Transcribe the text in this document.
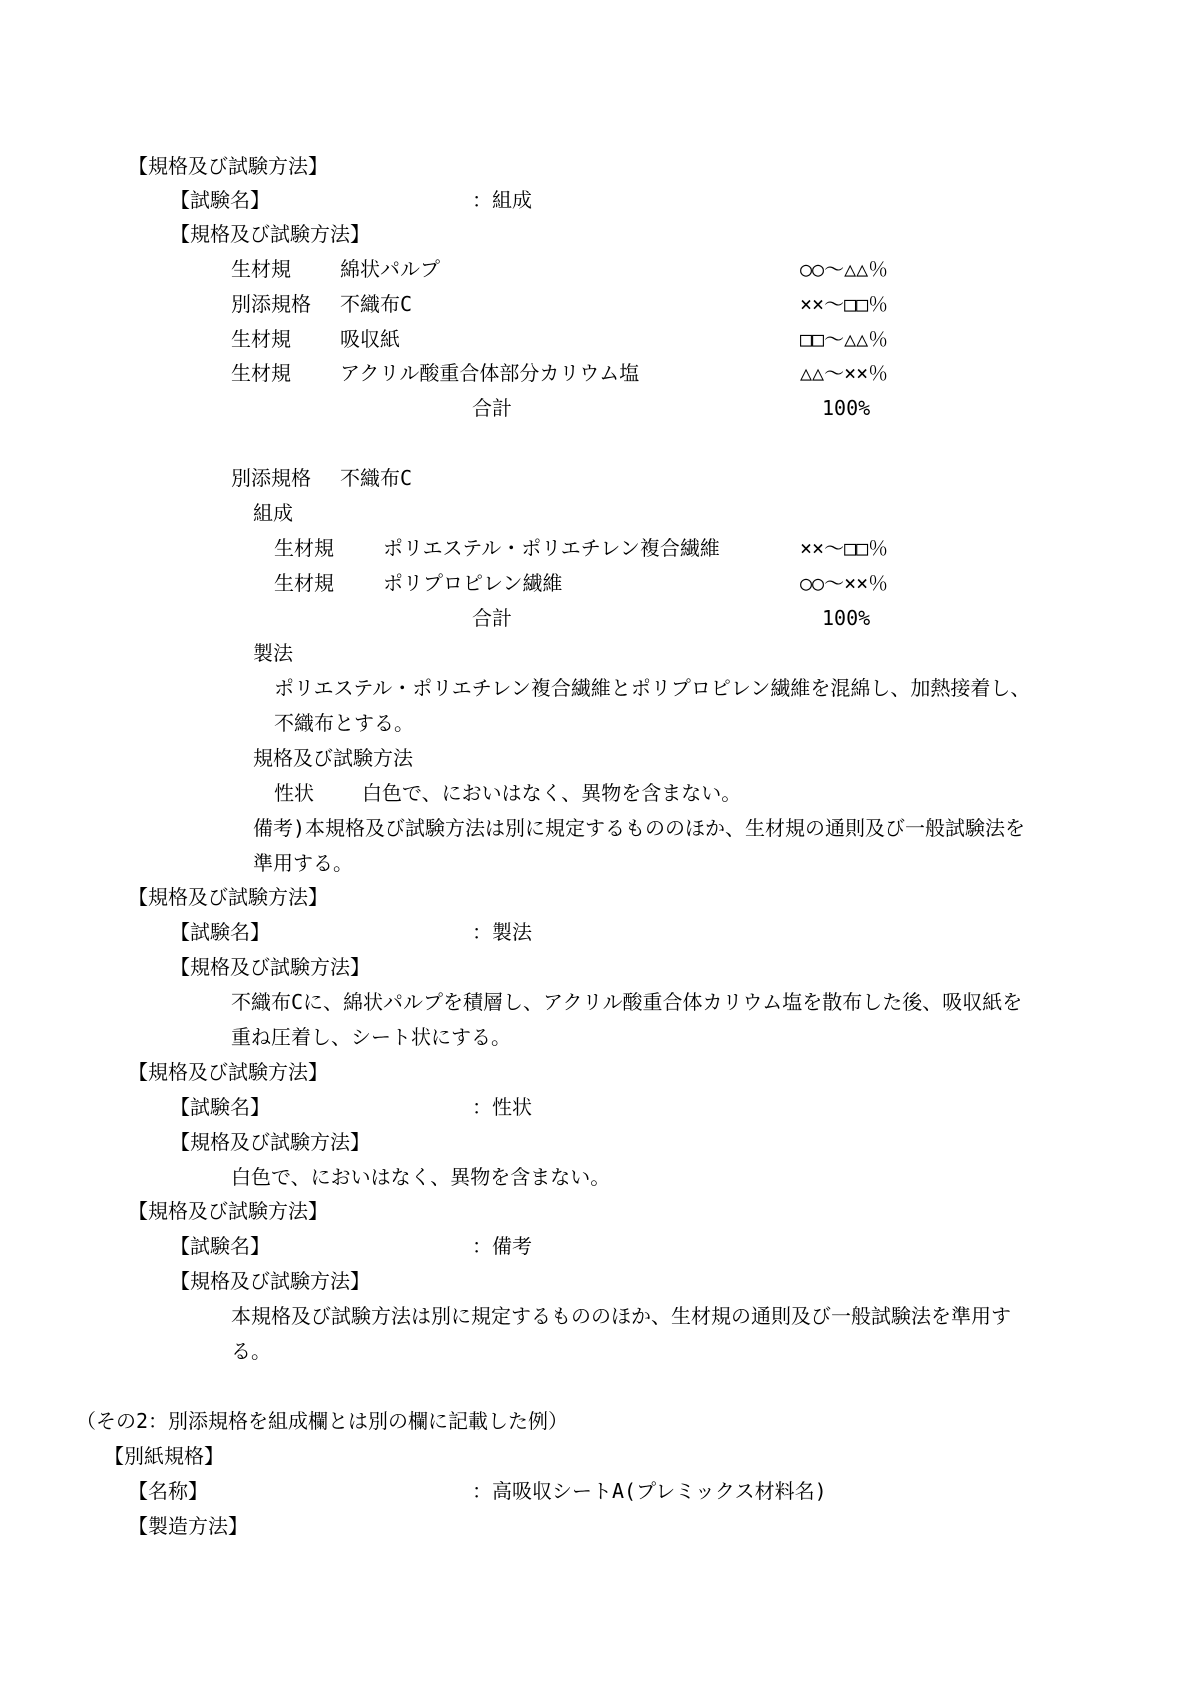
【規格及び試験方法】
【試験名】	：組成
【規格及び試験方法】
生材規 綿状パルプ	○○～△△％
別添規格 不織布C	××～□□％
生材規 吸収紙	□□～△△％
生材規 アクリル酸重合体部分カリウム塩	△△～××％
合計	100%
別添規格 不織布C
組成
生材規 ポリエステル・ポリエチレン複合繊維	××～□□％
生材規 ポリプロピレン繊維	○○～××％
合計	100%
製法
ポリエステル・ポリエチレン複合繊維とポリプロピレン繊維を混綿し、加熱接着し、
不織布とする。
規格及び試験方法
性状 白色で、においはなく、異物を含まない。
備考)本規格及び試験方法は別に規定するもののほか、生材規の通則及び一般試験法を
準用する。
【規格及び試験方法】
【試験名】	：製法
【規格及び試験方法】
不織布Cに、綿状パルプを積層し、アクリル酸重合体カリウム塩を散布した後、吸収紙を
重ね圧着し、シート状にする。
【規格及び試験方法】
【試験名】	：性状
【規格及び試験方法】
白色で、においはなく、異物を含まない。
【規格及び試験方法】
【試験名】	：備考
【規格及び試験方法】
本規格及び試験方法は別に規定するもののほか、生材規の通則及び一般試験法を準用す
る。
（その2：別添規格を組成欄とは別の欄に記載した例）
【別紙規格】
【名称】	：高吸収シートA(プレミックス材料名)
【製造方法】
